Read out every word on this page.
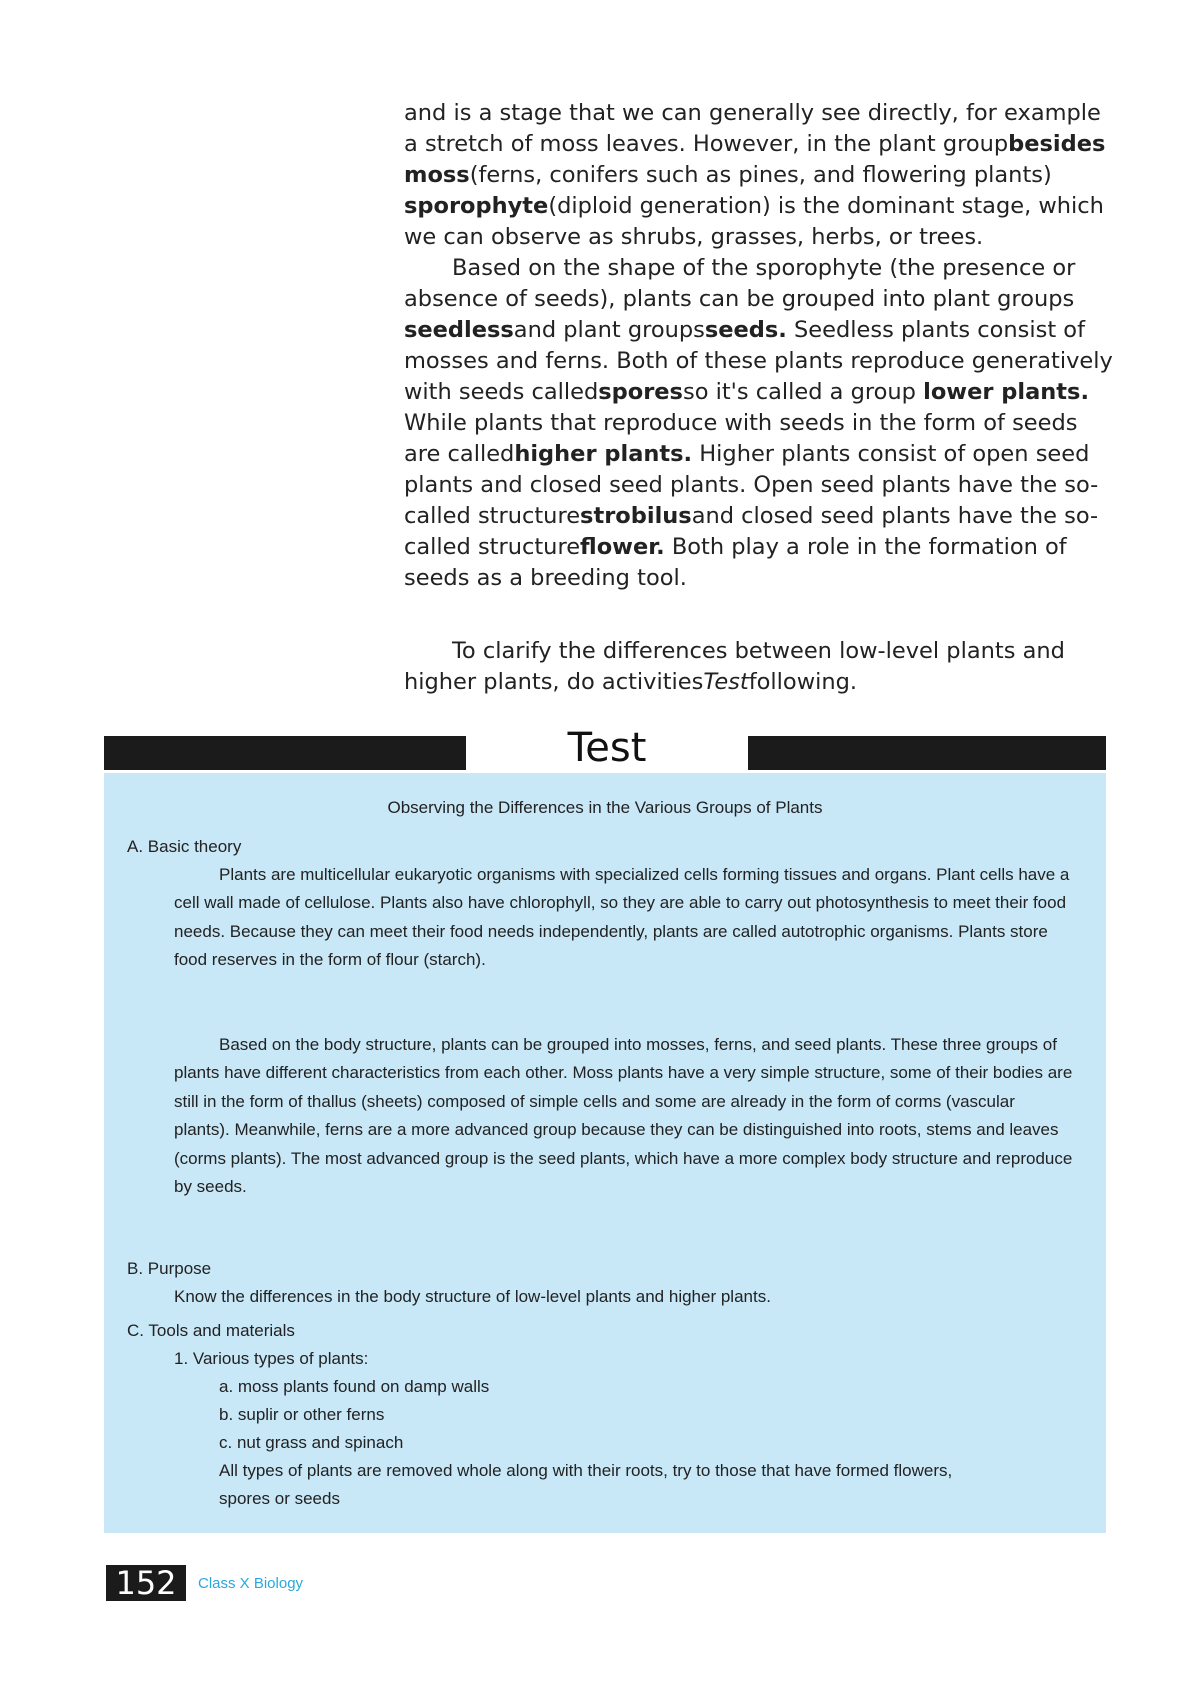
and is a stage that we can generally see directly, for example a stretch of moss leaves. However, in the plant groupbesides moss(ferns, conifers such as pines, and flowering plants) sporophyte(diploid generation) is the dominant stage, which we can observe as shrubs, grasses, herbs, or trees.

Based on the shape of the sporophyte (the presence or absence of seeds), plants can be grouped into plant groups seedlessand plant groupsseeds. Seedless plants consist of mosses and ferns. Both of these plants reproduce generatively with seeds calledsporesso it's called a group lower plants. While plants that reproduce with seeds in the form of seeds are calledhigher plants. Higher plants consist of open seed plants and closed seed plants. Open seed plants have the so-called structurestrobilusand closed seed plants have the so-called structureflower. Both play a role in the formation of seeds as a breeding tool.

To clarify the differences between low-level plants and higher plants, do activitiesTestfollowing.

Test
Observing the Differences in the Various Groups of Plants
A. Basic theory

Plants are multicellular eukaryotic organisms with specialized cells forming tissues and organs. Plant cells have a cell wall made of cellulose. Plants also have chlorophyll, so they are able to carry out photosynthesis to meet their food needs. Because they can meet their food needs independently, plants are called autotrophic organisms. Plants store food reserves in the form of flour (starch).

Based on the body structure, plants can be grouped into mosses, ferns, and seed plants. These three groups of plants have different characteristics from each other. Moss plants have a very simple structure, some of their bodies are still in the form of thallus (sheets) composed of simple cells and some are already in the form of corms (vascular plants). Meanwhile, ferns are a more advanced group because they can be distinguished into roots, stems and leaves (corms plants). The most advanced group is the seed plants, which have a more complex body structure and reproduce by seeds.

B. Purpose
Know the differences in the body structure of low-level plants and higher plants.
C. Tools and materials
1. Various types of plants:
a. moss plants found on damp walls
b. suplir or other ferns
c. nut grass and spinach
All types of plants are removed whole along with their roots, try to those that have formed flowers,
spores or seeds
152	Class X Biology
